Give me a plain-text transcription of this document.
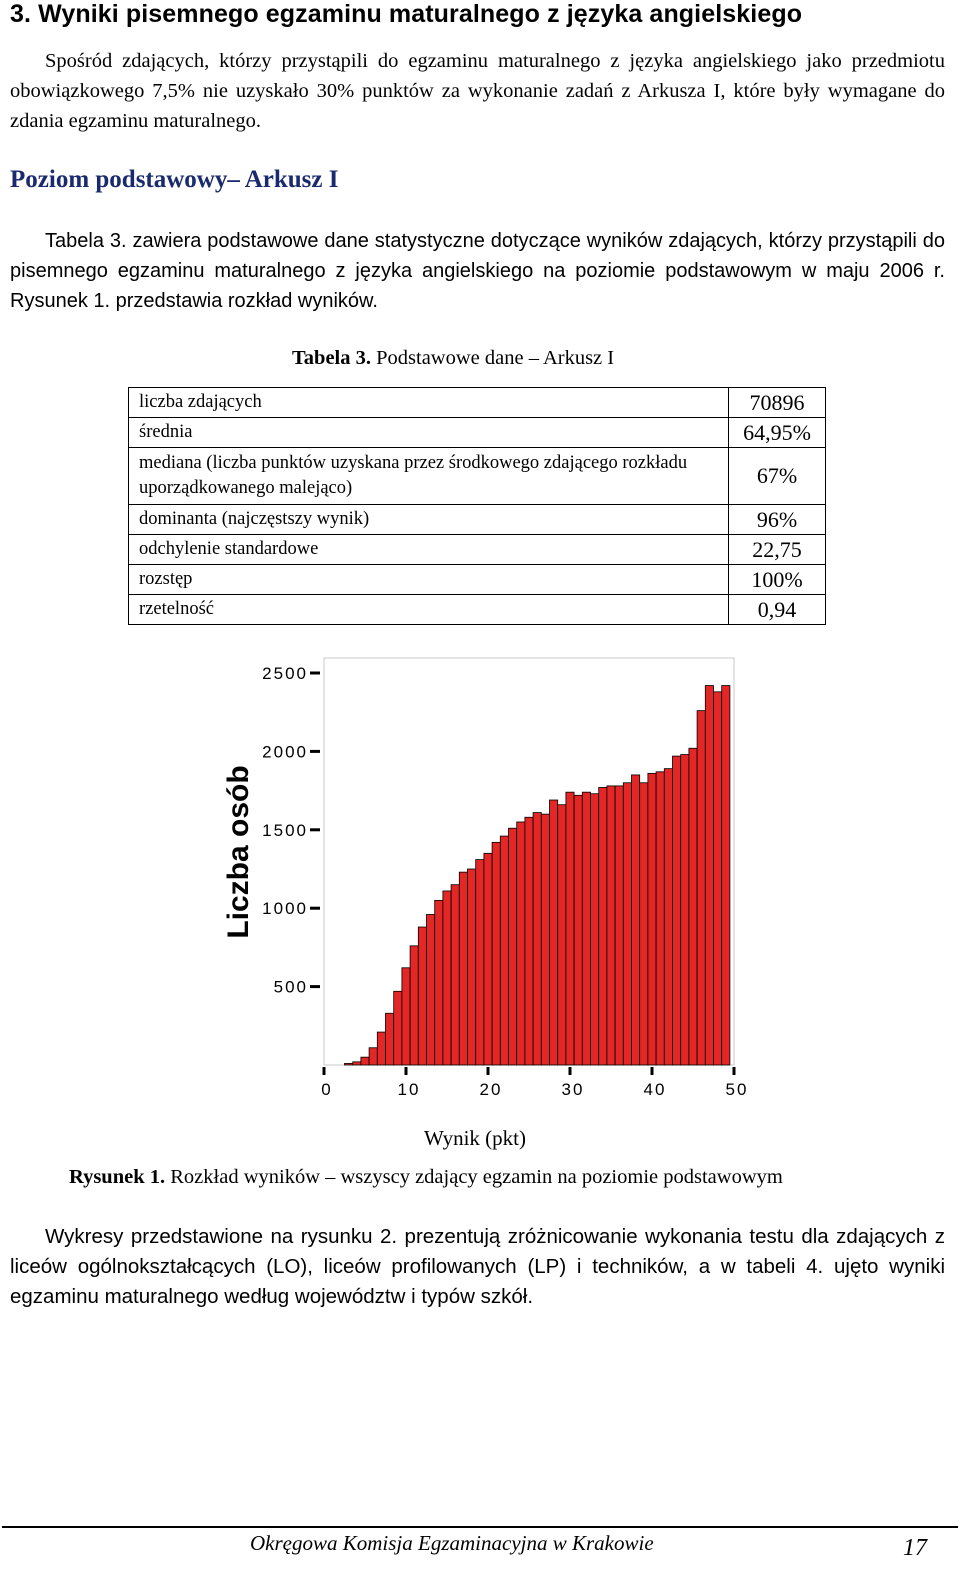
3. Wyniki pisemnego egzaminu maturalnego z języka angielskiego

Spośród zdających, którzy przystąpili do egzaminu maturalnego z języka angielskiego jako przedmiotu obowiązkowego 7,5% nie uzyskało 30% punktów za wykonanie zadań z Arkusza I, które były wymagane do zdania egzaminu maturalnego.

Poziom podstawowy– Arkusz I

Tabela 3. zawiera podstawowe dane statystyczne dotyczące wyników zdających, którzy przystąpili do pisemnego egzaminu maturalnego z języka angielskiego na poziomie podstawowym w maju 2006 r. Rysunek 1. przedstawia rozkład wyników.

Tabela 3. Podstawowe dane – Arkusz I
liczba zdających	70896
średnia	64,95%
mediana (liczba punktów uzyskana przez środkowego zdającego rozkładu uporządkowanego malejąco)	67%
dominanta (najczęstszy wynik)	96%
odchylenie standardowe	22,75
rozstęp	100%
rzetelność	0,94
500
1000
1500
2000
2500
0	10	20	30	40	50
Liczba osób
Wynik (pkt)
Rysunek 1. Rozkład wyników – wszyscy zdający egzamin na poziomie podstawowym

Wykresy przedstawione na rysunku 2. prezentują zróżnicowanie wykonania testu dla zdających z liceów ogólnokształcących (LO), liceów profilowanych (LP) i techników, a w tabeli 4. ujęto wyniki egzaminu maturalnego według województw i typów szkół.

Okręgowa Komisja Egzaminacyjna w Krakowie	17
